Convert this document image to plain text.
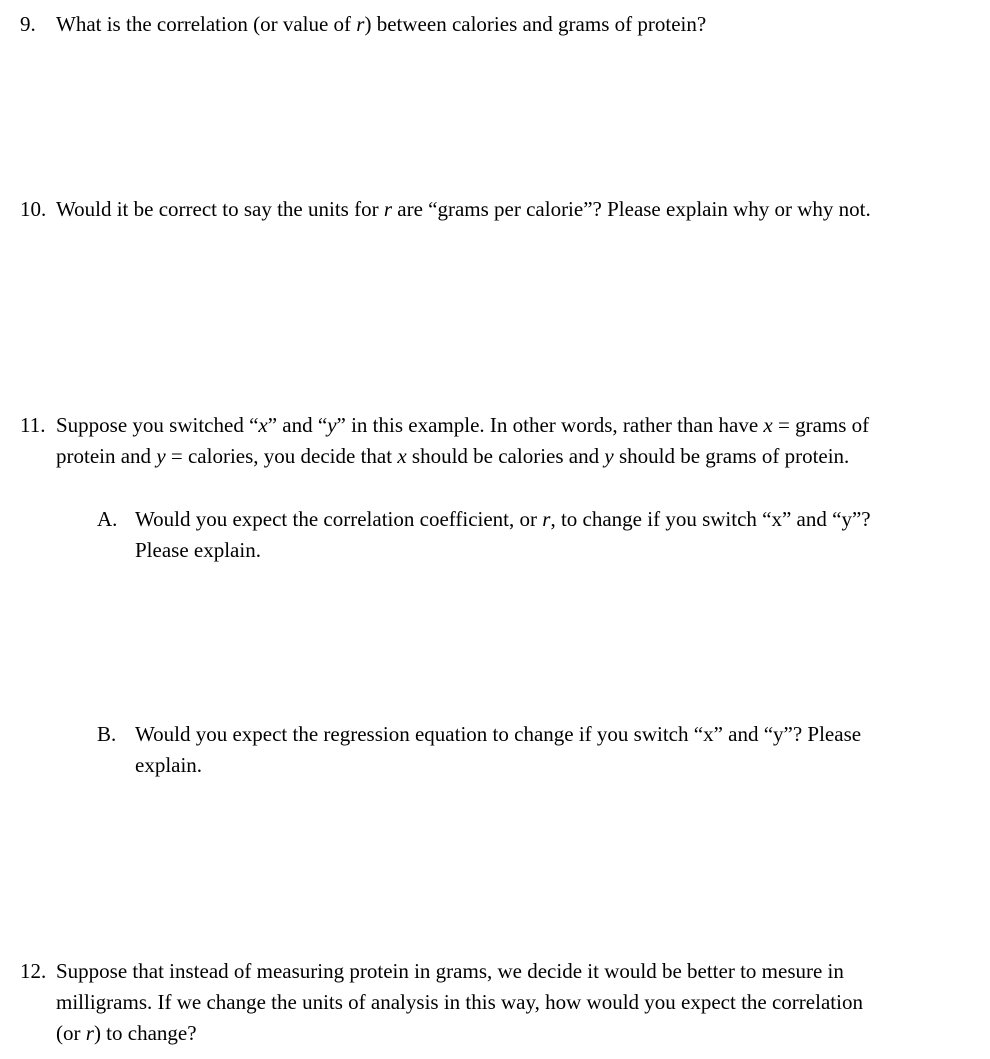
9. What is the correlation (or value of r) between calories and grams of protein?
10. Would it be correct to say the units for r are “grams per calorie”? Please explain why or why not.
11. Suppose you switched “x” and “y” in this example. In other words, rather than have x = grams of
protein and y = calories, you decide that x should be calories and y should be grams of protein.
A. Would you expect the correlation coefficient, or r, to change if you switch “x” and “y”?
Please explain.
B. Would you expect the regression equation to change if you switch “x” and “y”? Please
explain.
12. Suppose that instead of measuring protein in grams, we decide it would be better to mesure in
milligrams. If we change the units of analysis in this way, how would you expect the correlation
(or r) to change?
